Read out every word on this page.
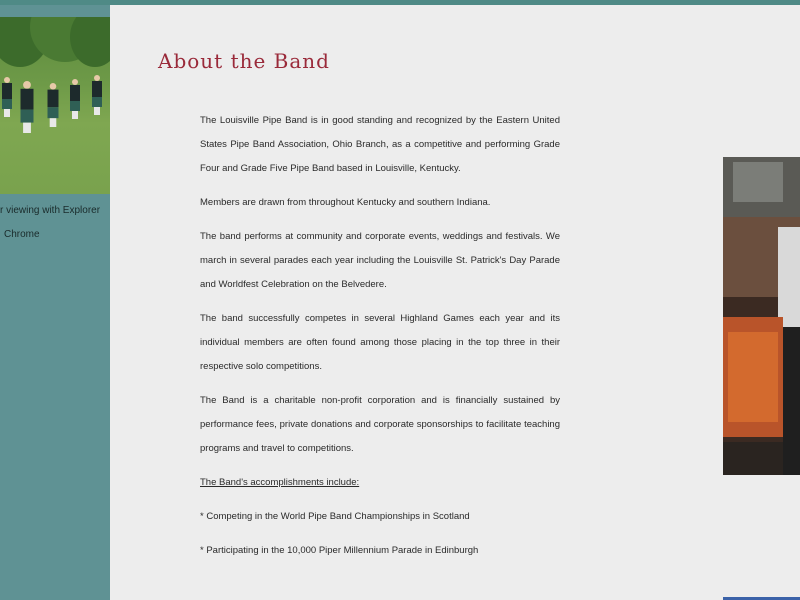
r viewing with Explorer
Chrome
About the Band

The Louisville Pipe Band is in good standing and recognized by the Eastern United States Pipe Band Association, Ohio Branch, as a competitive and performing Grade Four and Grade Five Pipe Band based in Louisville, Kentucky.

Members are drawn from throughout Kentucky and southern Indiana.

The band performs at community and corporate events, weddings and festivals. We march in several parades each year including the Louisville St. Patrick's Day Parade and Worldfest Celebration on the Belvedere.

The band successfully competes in several Highland Games each year and its individual members are often found among those placing in the top three in their respective solo competitions.

The Band is a charitable non-profit corporation and is financially sustained by performance fees, private donations and corporate sponsorships to facilitate teaching programs and travel to competitions.

The Band's accomplishments include:

* Competing in the World Pipe Band Championships in Scotland

* Participating in the 10,000 Piper Millennium Parade in Edinburgh
